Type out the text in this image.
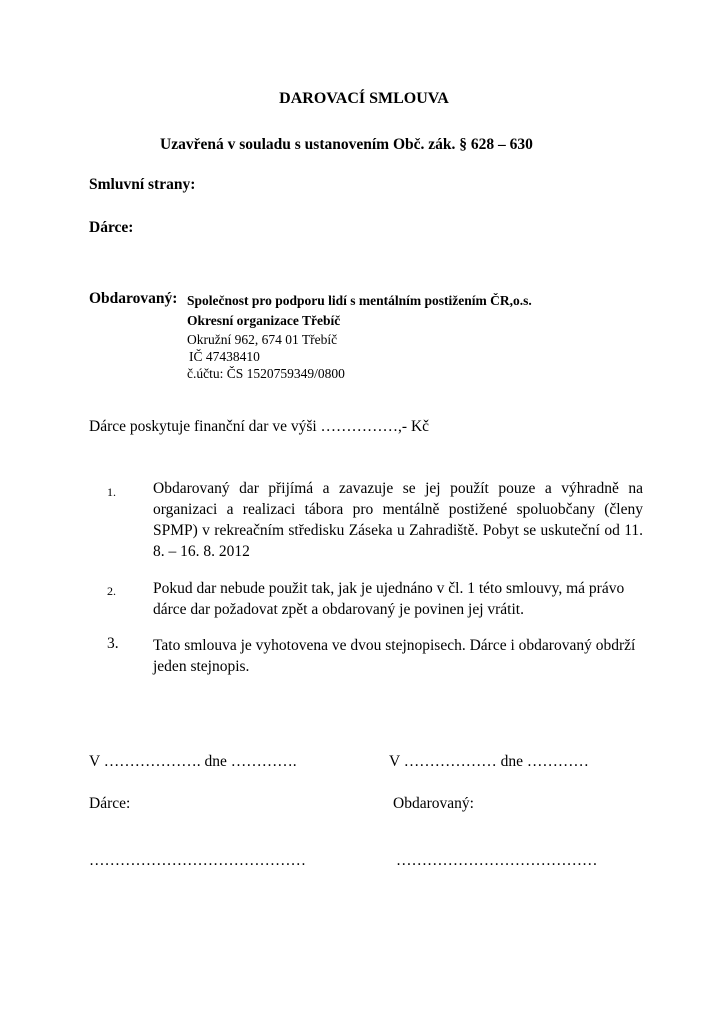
DAROVACÍ SMLOUVA
Uzavřená v souladu s ustanovením Obč. zák. § 628 – 630
Smluvní strany:
Dárce:
Obdarovaný: Společnost pro podporu lidí s mentálním postižením ČR,o.s.
Okresní organizace Třebíč
Okružní 962, 674 01 Třebíč
IČ 47438410
č.účtu: ČS 1520759349/0800
Dárce poskytuje finanční dar ve výši ……………,- Kč
1. Obdarovaný dar přijímá a zavazuje se jej použít pouze a výhradně na organizaci a realizaci tábora pro mentálně postižené spoluobčany (členy SPMP) v rekreačním středisku Záseka u Zahradiště. Pobyt se uskuteční od 11. 8. – 16. 8. 2012
2. Pokud dar nebude použit tak, jak je ujednáno v čl. 1 této smlouvy, má právo dárce dar požadovat zpět a obdarovaný je povinen jej vrátit.
3. Tato smlouva je vyhotovena ve dvou stejnopisech. Dárce i obdarovaný obdrží jeden stejnopis.
V ………………. dne ………….	V ……………… dne …………
Dárce:	Obdarovaný:
……………………………………	…………………………………
